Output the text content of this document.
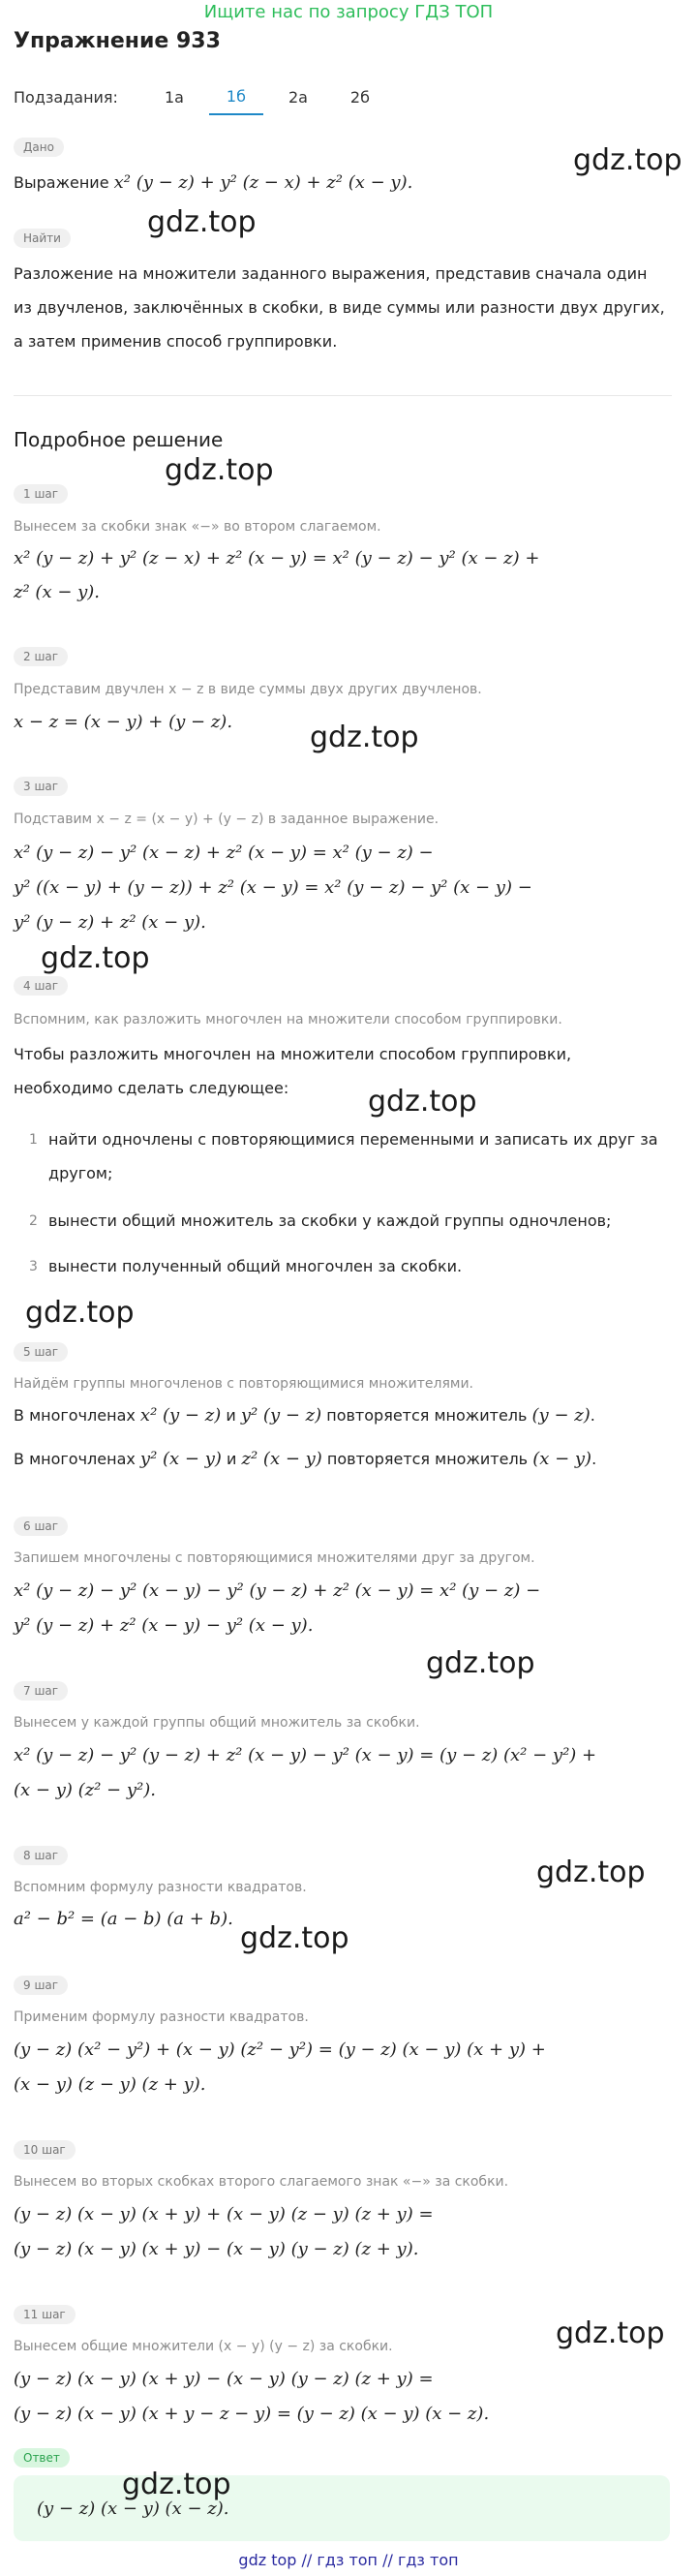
Ищите нас по запросу ГДЗ ТОП
Упражнение 933
Подзадания:	1а	1б	2а	2б
Дано
Выражение x² (y − z) + y² (z − x) + z² (x − y).
Найти
Разложение на множители заданного выражения, представив сначала один
из двучленов, заключённых в скобки, в виде суммы или разности двух других,
а затем применив способ группировки.
Подробное решение
1 шаг
Вынесем за скобки знак «−» во втором слагаемом.
x² (y − z) + y² (z − x) + z² (x − y) = x² (y − z) − y² (x − z) +
z² (x − y).
2 шаг
Представим двучлен x − z в виде суммы двух других двучленов.
x − z = (x − y) + (y − z).
3 шаг
Подставим x − z = (x − y) + (y − z) в заданное выражение.
x² (y − z) − y² (x − z) + z² (x − y) = x² (y − z) −
y² ((x − y) + (y − z)) + z² (x − y) = x² (y − z) − y² (x − y) −
y² (y − z) + z² (x − y).
4 шаг
Вспомним, как разложить многочлен на множители способом группировки.
Чтобы разложить многочлен на множители способом группировки,
необходимо сделать следующее:
1 найти одночлены с повторяющимися переменными и записать их друг за
другом;
2 вынести общий множитель за скобки у каждой группы одночленов;
3 вынести полученный общий многочлен за скобки.
5 шаг
Найдём группы многочленов с повторяющимися множителями.
В многочленах x² (y − z) и y² (y − z) повторяется множитель (y − z).
В многочленах y² (x − y) и z² (x − y) повторяется множитель (x − y).
6 шаг
Запишем многочлены с повторяющимися множителями друг за другом.
x² (y − z) − y² (x − y) − y² (y − z) + z² (x − y) = x² (y − z) −
y² (y − z) + z² (x − y) − y² (x − y).
7 шаг
Вынесем у каждой группы общий множитель за скобки.
x² (y − z) − y² (y − z) + z² (x − y) − y² (x − y) = (y − z) (x² − y²) +
(x − y) (z² − y²).
8 шаг
Вспомним формулу разности квадратов.
a² − b² = (a − b) (a + b).
9 шаг
Применим формулу разности квадратов.
(y − z) (x² − y²) + (x − y) (z² − y²) = (y − z) (x − y) (x + y) +
(x − y) (z − y) (z + y).
10 шаг
Вынесем во вторых скобках второго слагаемого знак «−» за скобки.
(y − z) (x − y) (x + y) + (x − y) (z − y) (z + y) =
(y − z) (x − y) (x + y) − (x − y) (y − z) (z + y).
11 шаг
Вынесем общие множители (x − y) (y − z) за скобки.
(y − z) (x − y) (x + y) − (x − y) (y − z) (z + y) =
(y − z) (x − y) (x + y − z − y) = (y − z) (x − y) (x − z).
Ответ
(y − z) (x − y) (x − z).
gdz.top
gdz.top
gdz.top
gdz.top
gdz.top
gdz.top
gdz.top
gdz.top
gdz.top
gdz.top
gdz.top
gdz.top
gdz top // гдз топ // гдз топ
